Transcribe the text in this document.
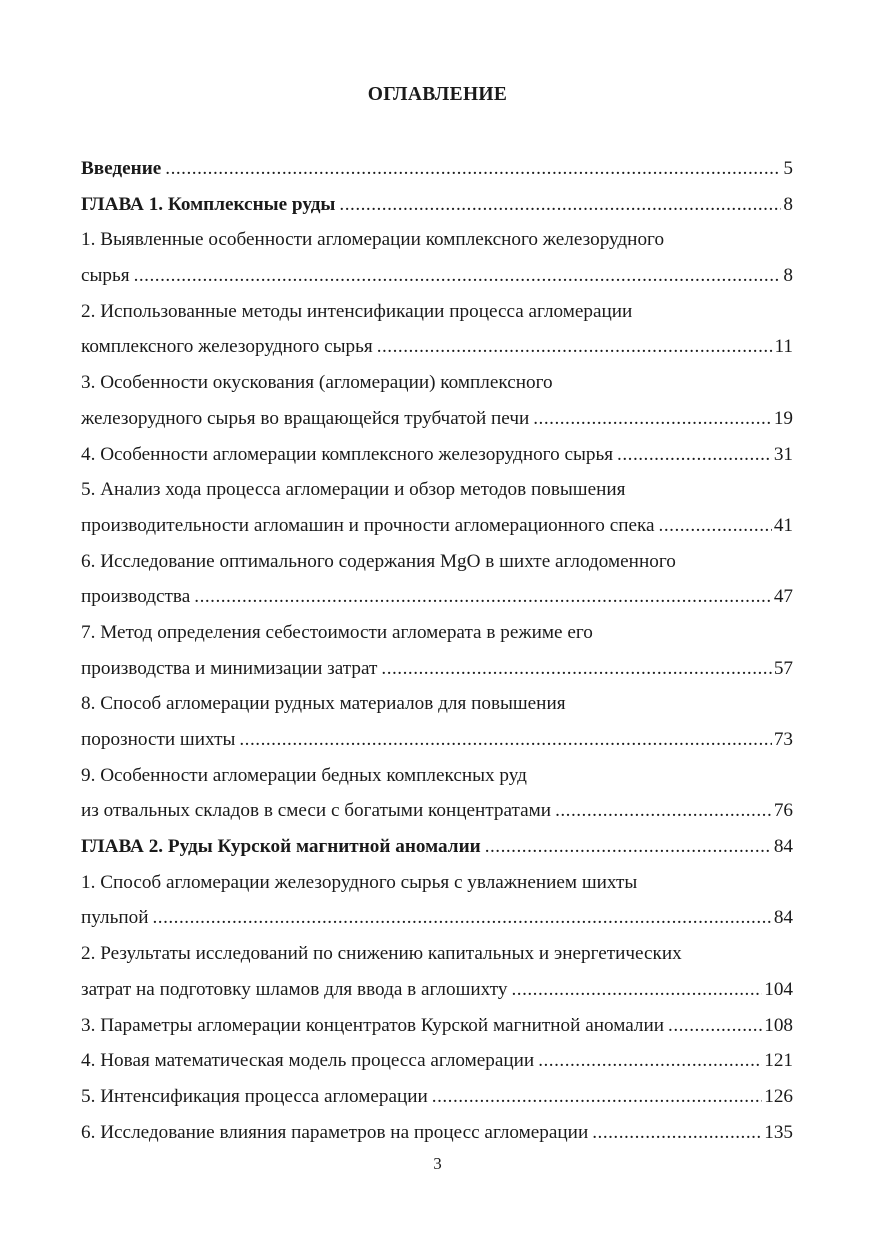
ОГЛАВЛЕНИЕ
Введение .....	5
ГЛАВА 1. Комплексные руды .....	8
1. Выявленные особенности агломерации комплексного железорудного
сырья .....	8
2. Использованные методы интенсификации процесса агломерации
комплексного железорудного сырья .....	11
3. Особенности окускования (агломерации) комплексного
железорудного сырья во вращающейся трубчатой печи .....	19
4. Особенности агломерации комплексного железорудного сырья .....	31
5. Анализ хода процесса агломерации и обзор методов повышения
производительности агломашин и прочности агломерационного спека .....	41
6. Исследование оптимального содержания MgO в шихте аглодоменного
производства .....	47
7. Метод определения себестоимости агломерата в режиме его
производства и минимизации затрат .....	57
8. Способ агломерации рудных материалов для повышения
порозности шихты .....	73
9. Особенности агломерации бедных комплексных руд
из отвальных складов в смеси с богатыми концентратами .....	76
ГЛАВА 2. Руды Курской магнитной аномалии .....	84
1. Способ агломерации железорудного сырья с увлажнением шихты
пульпой .....	84
2. Результаты исследований по снижению капитальных и энергетических
затрат на подготовку шламов для ввода в аглошихту .....	104
3. Параметры агломерации концентратов Курской магнитной аномалии .....	108
4. Новая математическая модель процесса агломерации .....	121
5. Интенсификация процесса агломерации .....	126
6. Исследование влияния параметров на процесс агломерации .....	135
3
